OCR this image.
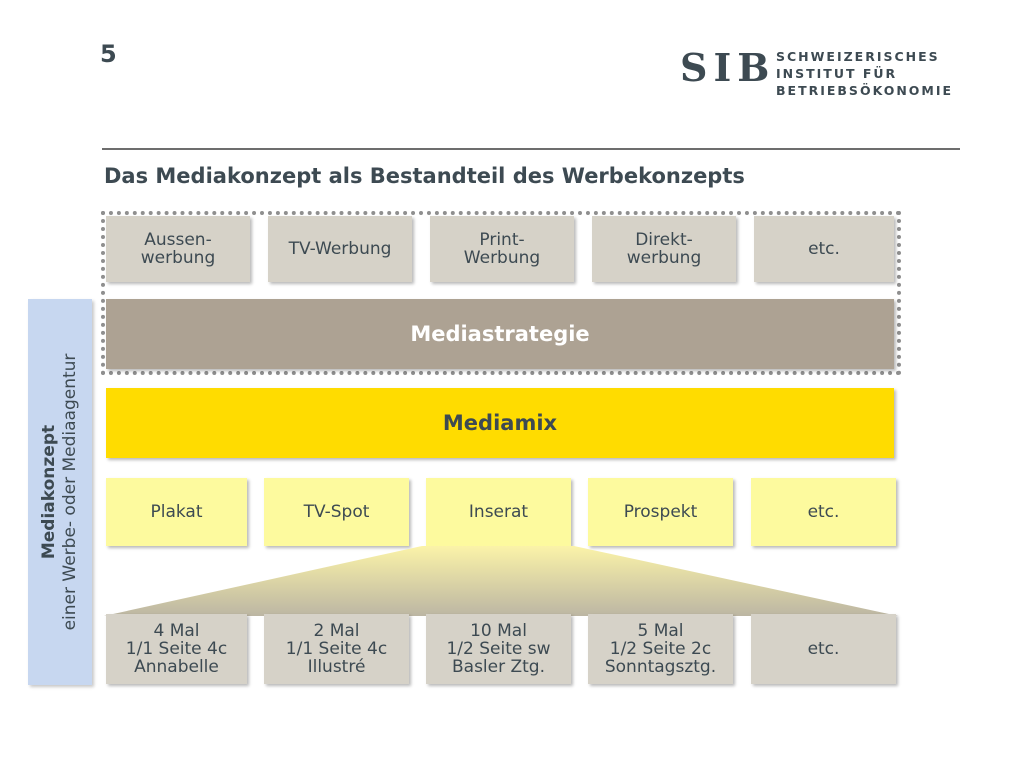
5	SIB SCHWEIZERISCHES
INSTITUT FÜR
BETRIEBSÖKONOMIE
Das Mediakonzept als Bestandteil des Werbekonzepts
Mediakonzept einer Werbe- oder Mediaagentur
Aussen-
werbung	TV-Werbung	Print-
Werbung
Direkt-
werbung	etc.
Mediastrategie
Mediamix
Plakat	TV-Spot	Inserat	Prospekt	etc.
4 Mal
1/1 Seite 4c
Annabelle
2 Mal
1/1 Seite 4c
Illustré
10 Mal
1/2 Seite sw
Basler Ztg.
5 Mal
1/2 Seite 2c
Sonntagsztg.
etc.
